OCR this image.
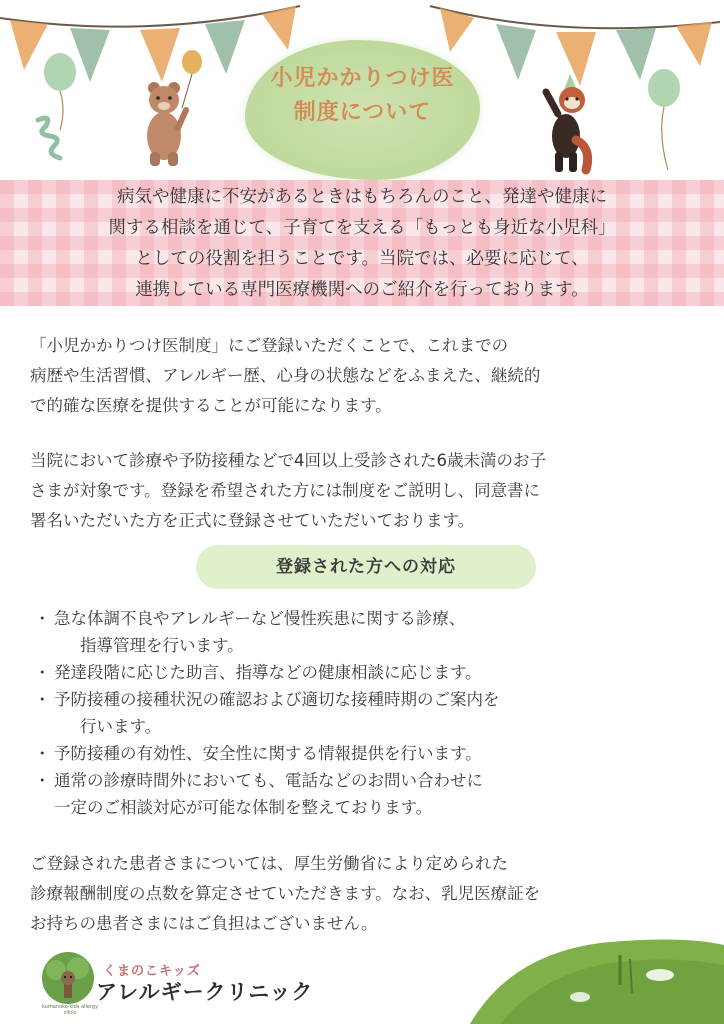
小児かかりつけ医
制度について
病気や健康に不安があるときはもちろんのこと、発達や健康に
関する相談を通じて、子育てを支える「もっとも身近な小児科」
としての役割を担うことです。当院では、必要に応じて、
連携している専門医療機関へのご紹介を行っております。
「小児かかりつけ医制度」にご登録いただくことで、これまでの
病歴や生活習慣、アレルギー歴、心身の状態などをふまえた、継続的
で的確な医療を提供することが可能になります。
当院において診療や予防接種などで4回以上受診された6歳未満のお子
さまが対象です。登録を希望された方には制度をご説明し、同意書に
署名いただいた方を正式に登録させていただいております。
登録された方への対応
・ 急な体調不良やアレルギーなど慢性疾患に関する診療、
指導管理を行います。
・ 発達段階に応じた助言、指導などの健康相談に応じます。
・ 予防接種の接種状況の確認および適切な接種時期のご案内を
行います。
・ 予防接種の有効性、安全性に関する情報提供を行います。
・ 通常の診療時間外においても、電話などのお問い合わせに
一定のご相談対応が可能な体制を整えております。
ご登録された患者さまについては、厚生労働省により定められた
診療報酬制度の点数を算定させていただきます。なお、乳児医療証を
お持ちの患者さまにはご負担はございません。
kumanoko kids allergy clinic
くまのこキッズ
アレルギークリニック
